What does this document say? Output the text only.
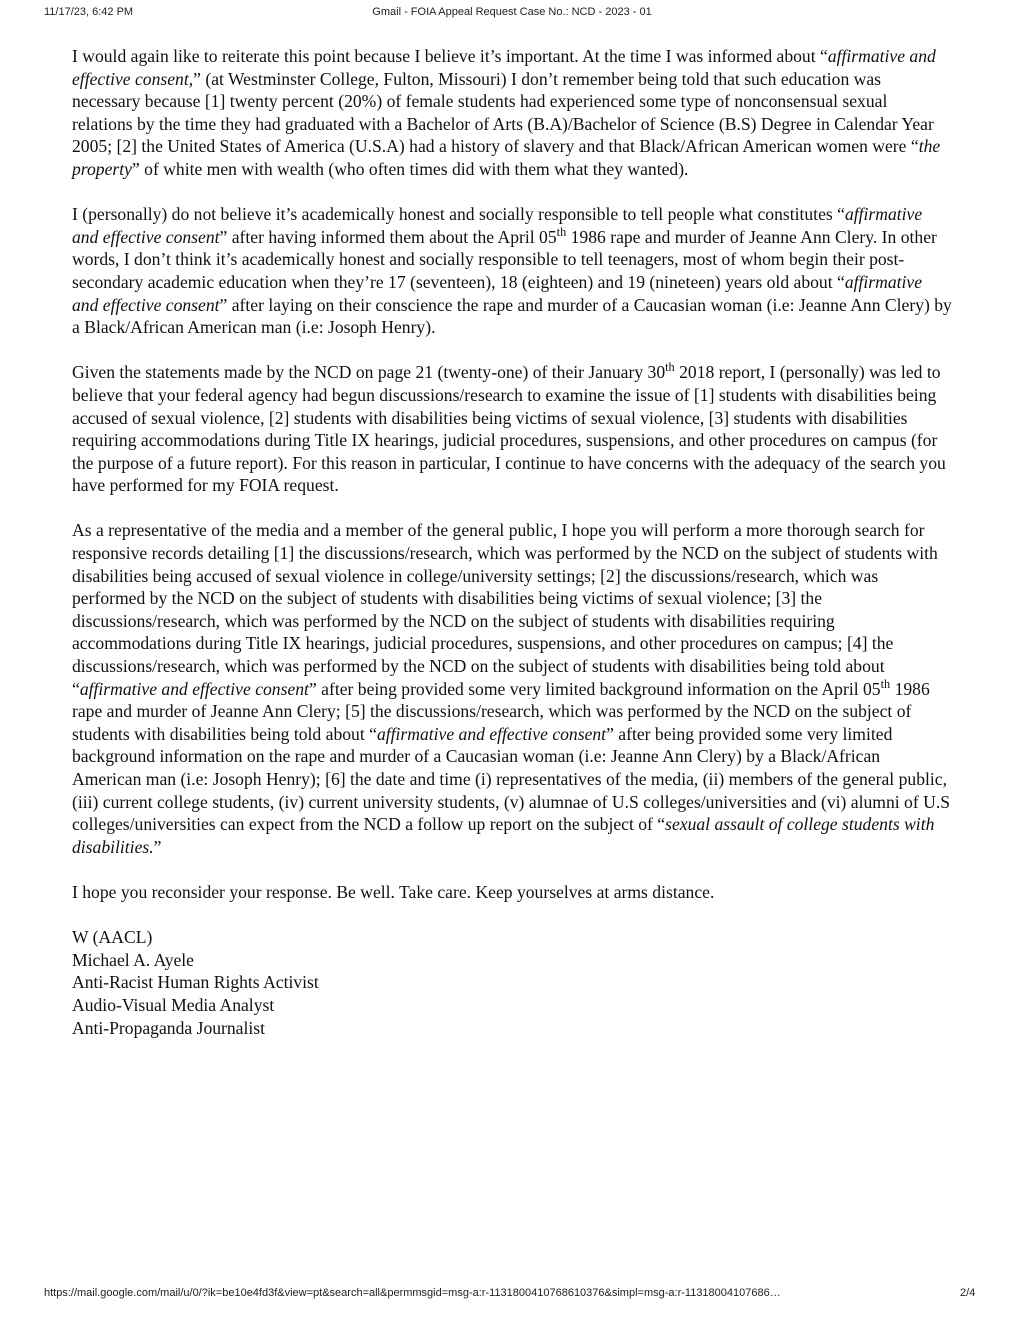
11/17/23, 6:42 PM	Gmail - FOIA Appeal Request Case No.: NCD - 2023 - 01

I would again like to reiterate this point because I believe it’s important. At the time I was informed about “affirmative and effective consent,” (at Westminster College, Fulton, Missouri) I don’t remember being told that such education was necessary because [1] twenty percent (20%) of female students had experienced some type of nonconsensual sexual relations by the time they had graduated with a Bachelor of Arts (B.A)/Bachelor of Science (B.S) Degree in Calendar Year 2005; [2] the United States of America (U.S.A) had a history of slavery and that Black/African American women were “the property” of white men with wealth (who often times did with them what they wanted).

I (personally) do not believe it’s academically honest and socially responsible to tell people what constitutes “affirmative and effective consent” after having informed them about the April 05th 1986 rape and murder of Jeanne Ann Clery. In other words, I don’t think it’s academically honest and socially responsible to tell teenagers, most of whom begin their post-secondary academic education when they’re 17 (seventeen), 18 (eighteen) and 19 (nineteen) years old about “affirmative and effective consent” after laying on their conscience the rape and murder of a Caucasian woman (i.e: Jeanne Ann Clery) by a Black/African American man (i.e: Josoph Henry).

Given the statements made by the NCD on page 21 (twenty-one) of their January 30th 2018 report, I (personally) was led to believe that your federal agency had begun discussions/research to examine the issue of [1] students with disabilities being accused of sexual violence, [2] students with disabilities being victims of sexual violence, [3] students with disabilities requiring accommodations during Title IX hearings, judicial procedures, suspensions, and other procedures on campus (for the purpose of a future report). For this reason in particular, I continue to have concerns with the adequacy of the search you have performed for my FOIA request.

As a representative of the media and a member of the general public, I hope you will perform a more thorough search for responsive records detailing [1] the discussions/research, which was performed by the NCD on the subject of students with disabilities being accused of sexual violence in college/university settings; [2] the discussions/research, which was performed by the NCD on the subject of students with disabilities being victims of sexual violence; [3] the discussions/research, which was performed by the NCD on the subject of students with disabilities requiring accommodations during Title IX hearings, judicial procedures, suspensions, and other procedures on campus; [4] the discussions/research, which was performed by the NCD on the subject of students with disabilities being told about “affirmative and effective consent” after being provided some very limited background information on the April 05th 1986 rape and murder of Jeanne Ann Clery; [5] the discussions/research, which was performed by the NCD on the subject of students with disabilities being told about “affirmative and effective consent” after being provided some very limited background information on the rape and murder of a Caucasian woman (i.e: Jeanne Ann Clery) by a Black/African American man (i.e: Josoph Henry); [6] the date and time (i) representatives of the media, (ii) members of the general public, (iii) current college students, (iv) current university students, (v) alumnae of U.S colleges/universities and (vi) alumni of U.S colleges/universities can expect from the NCD a follow up report on the subject of “sexual assault of college students with disabilities.”

I hope you reconsider your response. Be well. Take care. Keep yourselves at arms distance.

W (AACL)
Michael A. Ayele
Anti-Racist Human Rights Activist
Audio-Visual Media Analyst
Anti-Propaganda Journalist
https://mail.google.com/mail/u/0/?ik=be10e4fd3f&view=pt&search=all&permmsgid=msg-a:r-1131800410768610376&simpl=msg-a:r-11318004107686…	2/4
